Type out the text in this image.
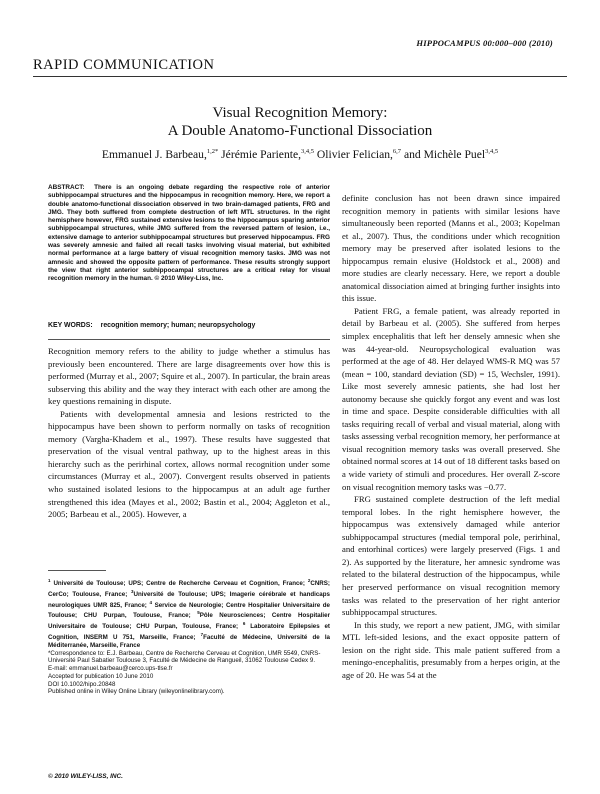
HIPPOCAMPUS 00:000–000 (2010)
RAPID COMMUNICATION
Visual Recognition Memory:
A Double Anatomo-Functional Dissociation
Emmanuel J. Barbeau,$^{1,2*}$ Jérémie Pariente,$^{3,4,5}$ Olivier Felician,$^{6,7}$ and Michèle Puel$^{3,4,5}$
ABSTRACT: There is an ongoing debate regarding the respective role of anterior subhippocampal structures and the hippocampus in recognition memory. Here, we report a double anatomo-functional dissociation observed in two brain-damaged patients, FRG and JMG. They both suffered from complete destruction of left MTL structures. In the right hemisphere however, FRG sustained extensive lesions to the hippocampus sparing anterior subhippocampal structures, while JMG suffered from the reversed pattern of lesion, i.e., extensive damage to anterior subhippocampal structures but preserved hippocampus. FRG was severely amnesic and failed all recall tasks involving visual material, but exhibited normal performance at a large battery of visual recognition memory tasks. JMG was not amnesic and showed the opposite pattern of performance. These results strongly support the view that right anterior subhippocampal structures are a critical relay for visual recognition memory in the human. © 2010 Wiley-Liss, Inc.
KEY WORDS: recognition memory; human; neuropsychology

Recognition memory refers to the ability to judge whether a stimulus has previously been encountered. There are large disagreements over how this is performed (Murray et al., 2007; Squire et al., 2007). In particular, the brain areas subserving this ability and the way they interact with each other are among the key questions remaining in dispute.

Patients with developmental amnesia and lesions restricted to the hippocampus have been shown to perform normally on tasks of recognition memory (Vargha-Khadem et al., 1997). These results have suggested that preservation of the visual ventral pathway, up to the highest areas in this hierarchy such as the perirhinal cortex, allows normal recognition under some circumstances (Murray et al., 2007). Convergent results observed in patients who sustained isolated lesions to the hippocampus at an adult age further strengthened this idea (Mayes et al., 2002; Bastin et al., 2004; Aggleton et al., 2005; Barbeau et al., 2005). However, a

definite conclusion has not been drawn since impaired recognition memory in patients with similar lesions have simultaneously been reported (Manns et al., 2003; Kopelman et al., 2007). Thus, the conditions under which recognition memory may be preserved after isolated lesions to the hippocampus remain elusive (Holdstock et al., 2008) and more studies are clearly necessary. Here, we report a double anatomical dissociation aimed at bringing further insights into this issue.

Patient FRG, a female patient, was already reported in detail by Barbeau et al. (2005). She suffered from herpes simplex encephalitis that left her densely amnesic when she was 44-year-old. Neuropsychological evaluation was performed at the age of 48. Her delayed WMS-R MQ was 57 (mean = 100, standard deviation (SD) = 15, Wechsler, 1991). Like most severely amnesic patients, she had lost her autonomy because she quickly forgot any event and was lost in time and space. Despite considerable difficulties with all tasks requiring recall of verbal and visual material, along with tasks assessing verbal recognition memory, her performance at visual recognition memory tasks was overall preserved. She obtained normal scores at 14 out of 18 different tasks based on a wide variety of stimuli and procedures. Her overall Z-score on visual recognition memory tasks was −0.77.

FRG sustained complete destruction of the left medial temporal lobes. In the right hemisphere however, the hippocampus was extensively damaged while anterior subhippocampal structures (medial temporal pole, perirhinal, and entorhinal cortices) were largely preserved (Figs. 1 and 2). As supported by the literature, her amnesic syndrome was related to the bilateral destruction of the hippocampus, while her preserved performance on visual recognition memory tasks was related to the preservation of her right anterior subhippocampal structures.

In this study, we report a new patient, JMG, with similar MTL left-sided lesions, and the exact opposite pattern of lesion on the right side. This male patient suffered from a meningo-encephalitis, presumably from a herpes origin, at the age of 20. He was 54 at the

$^1$ Université de Toulouse; UPS; Centre de Recherche Cerveau et Cognition, France; $^2$CNRS; CerCo; Toulouse, France; $^3$Université de Toulouse; UPS; Imagerie cérébrale et handicaps neurologiques UMR 825, France; $^4$ Service de Neurologie; Centre Hospitalier Universitaire de Toulouse; CHU Purpan, Toulouse, France; $^5$Pôle Neurosciences; Centre Hospitalier Universitaire de Toulouse; CHU Purpan, Toulouse, France; $^6$ Laboratoire Epilepsies et Cognition, INSERM U 751, Marseille, France; $^7$Faculté de Médecine, Université de la Méditerranée, Marseille, France
*Correspondence to: E.J. Barbeau, Centre de Recherche Cerveau et Cognition, UMR 5549, CNRS-Université Paul Sabatier Toulouse 3, Faculté de Médecine de Rangueil, 31062 Toulouse Cedex 9.
E-mail: emmanuel.barbeau@cerco.ups-tlse.fr
Accepted for publication 10 June 2010
DOI 10.1002/hipo.20848
Published online in Wiley Online Library (wileyonlinelibrary.com).
© 2010 WILEY-LISS, INC.
